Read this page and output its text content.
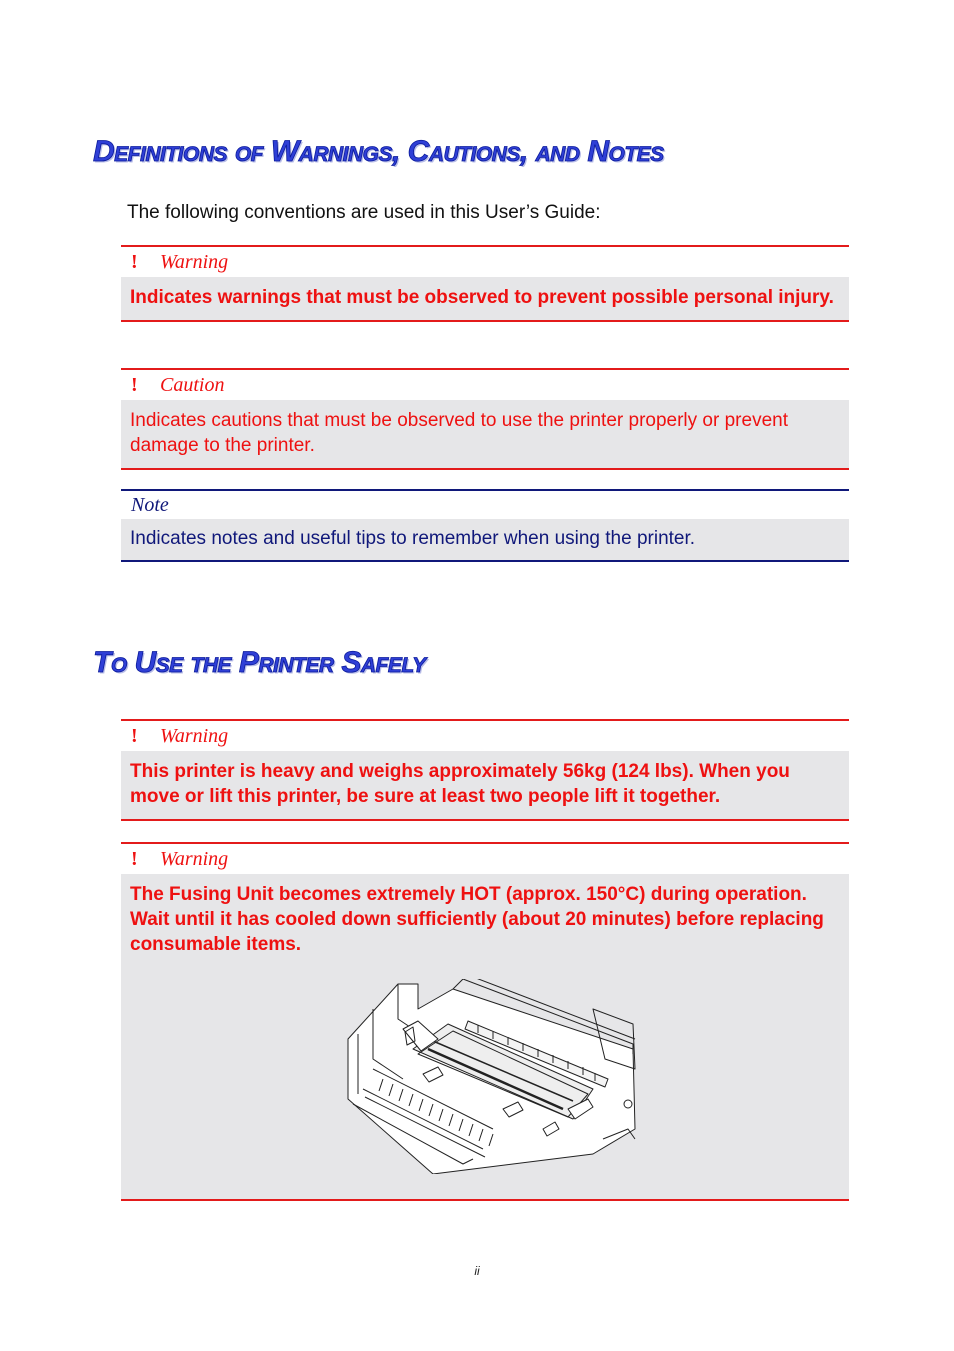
Definitions of Warnings, Cautions, and Notes

The following conventions are used in this User’s Guide:

!	Warning
Indicates warnings that must be observed to prevent possible personal injury.
!	Caution
Indicates cautions that must be observed to use the printer properly or prevent damage to the printer.
Note
Indicates notes and useful tips to remember when using the printer.
To Use the Printer Safely
!	Warning
This printer is heavy and weighs approximately 56kg (124 lbs). When you move or lift this printer, be sure at least two people lift it together.
!	Warning
The Fusing Unit becomes extremely HOT (approx. 150°C) during operation. Wait until it has cooled down sufficiently (about 20 minutes) before replacing consumable items.
ii
